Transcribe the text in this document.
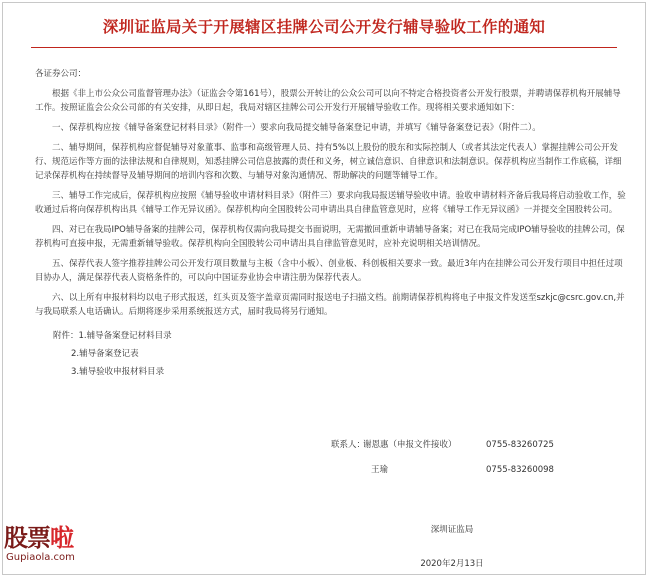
深圳证监局关于开展辖区挂牌公司公开发行辅导验收工作的通知

各证券公司：

根据《非上市公众公司监督管理办法》（证监会令第161号），股票公开转让的公众公司可以向不特定合格投资者公开发行股票，并聘请保荐机构开展辅导工作。按照证监会公众公司部的有关安排，从即日起，我局对辖区挂牌公司公开发行开展辅导验收工作。现将相关要求通知如下：

一、保荐机构应按《辅导备案登记材料目录》（附件一）要求向我局提交辅导备案登记申请，并填写《辅导备案登记表》（附件二）。

二、辅导期间，保荐机构应督促辅导对象董事、监事和高级管理人员、持有5%以上股份的股东和实际控制人（或者其法定代表人）掌握挂牌公司公开发行、规范运作等方面的法律法规和自律规则，知悉挂牌公司信息披露的责任和义务，树立诚信意识、自律意识和法制意识。保荐机构应当制作工作底稿，详细记录保荐机构在持续督导及辅导期间的培训内容和次数、与辅导对象沟通情况、帮助解决的问题等辅导工作。

三、辅导工作完成后，保荐机构应按照《辅导验收申请材料目录》（附件三）要求向我局报送辅导验收申请。验收申请材料齐备后我局将启动验收工作，验收通过后将向保荐机构出具《辅导工作无异议函》。保荐机构向全国股转公司申请出具自律监管意见时，应将《辅导工作无异议函》一并提交全国股转公司。

四、对已在我局IPO辅导备案的挂牌公司，保荐机构仅需向我局提交书面说明，无需撤回重新申请辅导备案；对已在我局完成IPO辅导验收的挂牌公司，保荐机构可直接申报，无需重新辅导验收。保荐机构向全国股转公司申请出具自律监管意见时，应补充说明相关培训情况。

五、保荐代表人签字推荐挂牌公司公开发行项目数量与主板（含中小板）、创业板、科创板相关要求一致。最近3年内在挂牌公司公开发行项目中担任过项目协办人，满足保荐代表人资格条件的，可以向中国证券业协会申请注册为保荐代表人。

六、以上所有申报材料均以电子形式报送，红头页及签字盖章页需同时报送电子扫描文档。前期请保荐机构将电子申报文件发送至szkjc@csrc.gov.cn,并与我局联系人电话确认。后期将逐步采用系统报送方式，届时我局将另行通知。

附件：1.辅导备案登记材料目录
2.辅导备案登记表
3.辅导验收申报材料目录
联系人：
谢恩惠（申报文件接收）	0755-83260725
王瑜	0755-83260098
深圳证监局
2020年2月13日
股票啦
Gupiaola.com
